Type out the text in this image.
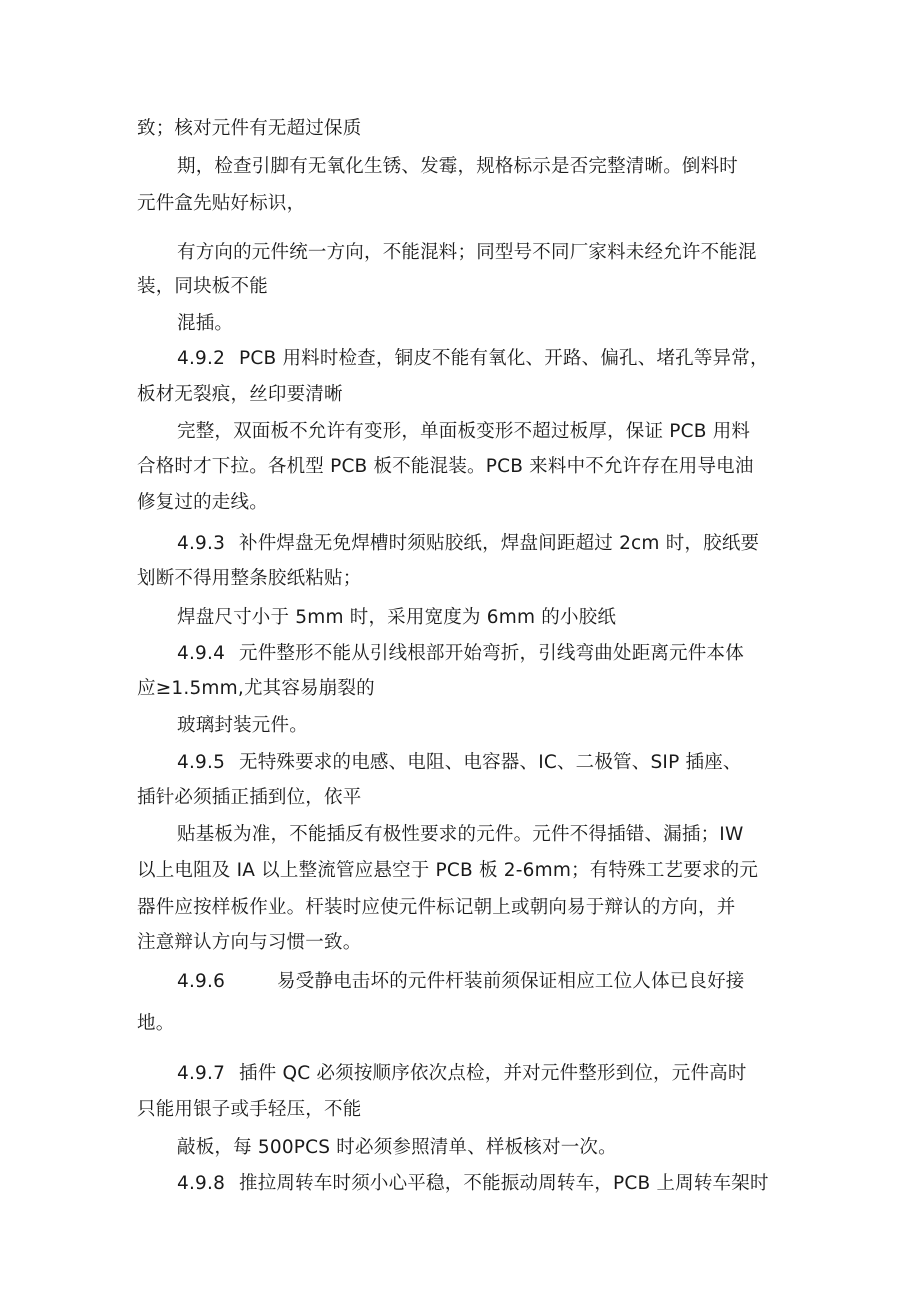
致；核对元件有无超过保质
期，检查引脚有无氧化生锈、发霉，规格标示是否完整清晰。倒料时
元件盒先贴好标识，
有方向的元件统一方向，不能混料；同型号不同厂家料未经允许不能混
装，同块板不能
混插。
4.9.2 PCB 用料时检查，铜皮不能有氧化、开路、偏孔、堵孔等异常，
板材无裂痕，丝印要清晰
完整，双面板不允许有变形，单面板变形不超过板厚，保证 PCB 用料
合格时才下拉。各机型 PCB 板不能混装。PCB 来料中不允许存在用导电油
修复过的走线。
4.9.3 补件焊盘无免焊槽时须贴胶纸，焊盘间距超过 2cm 时，胶纸要
划断不得用整条胶纸粘贴；
焊盘尺寸小于 5mm 时，采用宽度为 6mm 的小胶纸
4.9.4 元件整形不能从引线根部开始弯折，引线弯曲处距离元件本体
应≥1.5mm,尤其容易崩裂的
玻璃封装元件。
4.9.5 无特殊要求的电感、电阻、电容器、IC、二极管、SIP 插座、
插针必须插正插到位，依平
贴基板为准，不能插反有极性要求的元件。元件不得插错、漏插；IW
以上电阻及 IA 以上整流管应悬空于 PCB 板 2-6mm；有特殊工艺要求的元
器件应按样板作业。杆装时应使元件标记朝上或朝向易于辩认的方向，并
注意辩认方向与习惯一致。
4.9.6	易受静电击坏的元件杆装前须保证相应工位人体已良好接
地。
4.9.7 插件 QC 必须按顺序依次点检，并对元件整形到位，元件高时
只能用银子或手轻压，不能
敲板，每 500PCS 时必须参照清单、样板核对一次。
4.9.8 推拉周转车时须小心平稳，不能振动周转车，PCB 上周转车架时
